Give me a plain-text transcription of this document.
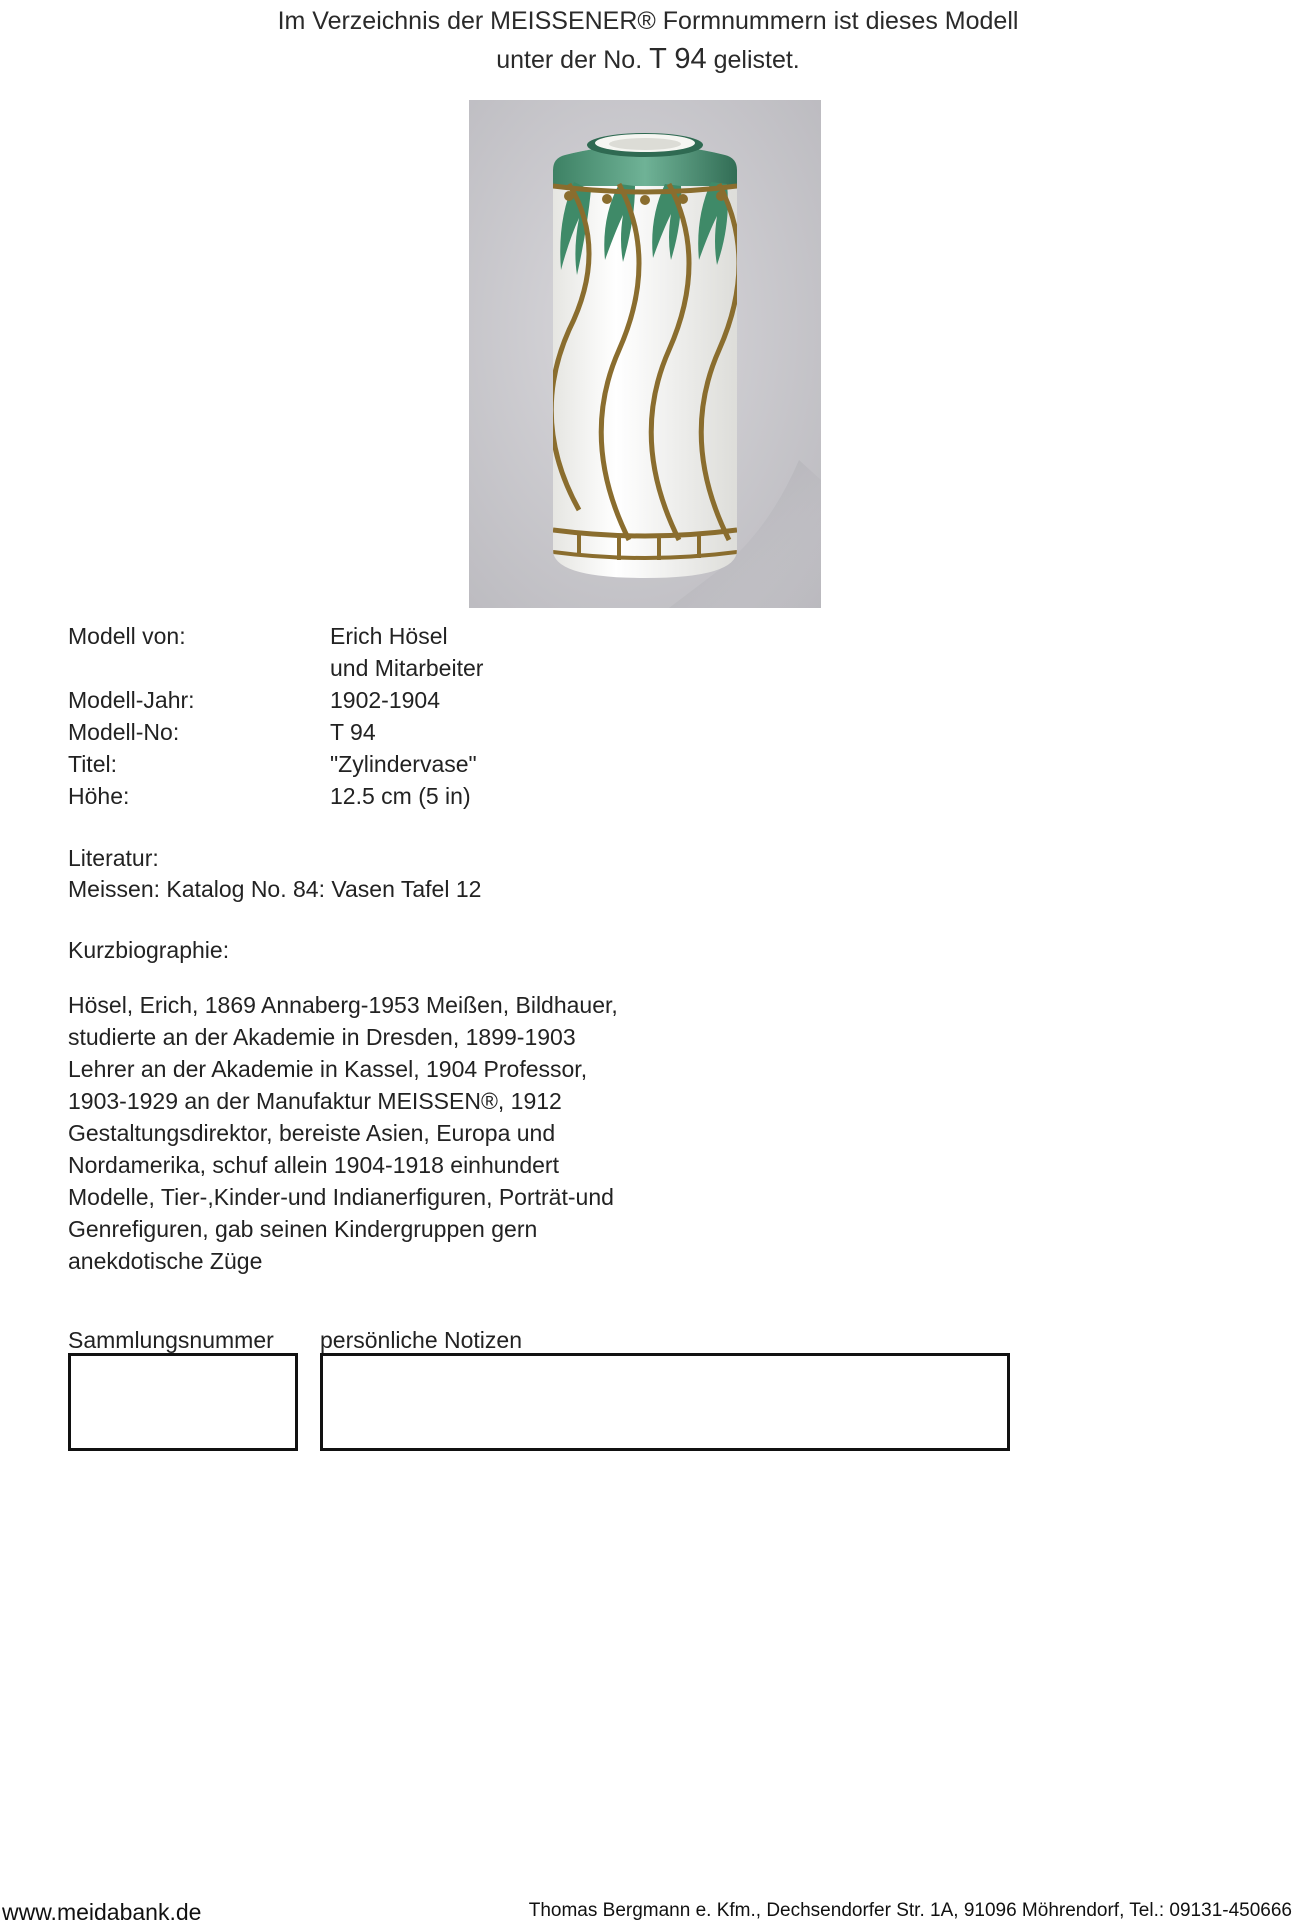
Im Verzeichnis der MEISSENER® Formnummern ist dieses Modell
unter der No. T 94 gelistet.
Modell von:	Erich Hösel
und Mitarbeiter
Modell-Jahr:	1902-1904
Modell-No:	T 94
Titel:	"Zylindervase"
Höhe:	12.5 cm (5 in)
Literatur:
Meissen: Katalog No. 84: Vasen Tafel 12
Kurzbiographie:
Hösel, Erich, 1869 Annaberg-1953 Meißen, Bildhauer,
studierte an der Akademie in Dresden, 1899-1903
Lehrer an der Akademie in Kassel, 1904 Professor,
1903-1929 an der Manufaktur MEISSEN®, 1912
Gestaltungsdirektor, bereiste Asien, Europa und
Nordamerika, schuf allein 1904-1918 einhundert
Modelle, Tier-,Kinder-und Indianerfiguren, Porträt-und
Genrefiguren, gab seinen Kindergruppen gern
anekdotische Züge
Sammlungsnummer persönliche Notizen
www.meidabank.de	Thomas Bergmann e. Kfm., Dechsendorfer Str. 1A, 91096 Möhrendorf, Tel.: 09131-450666
